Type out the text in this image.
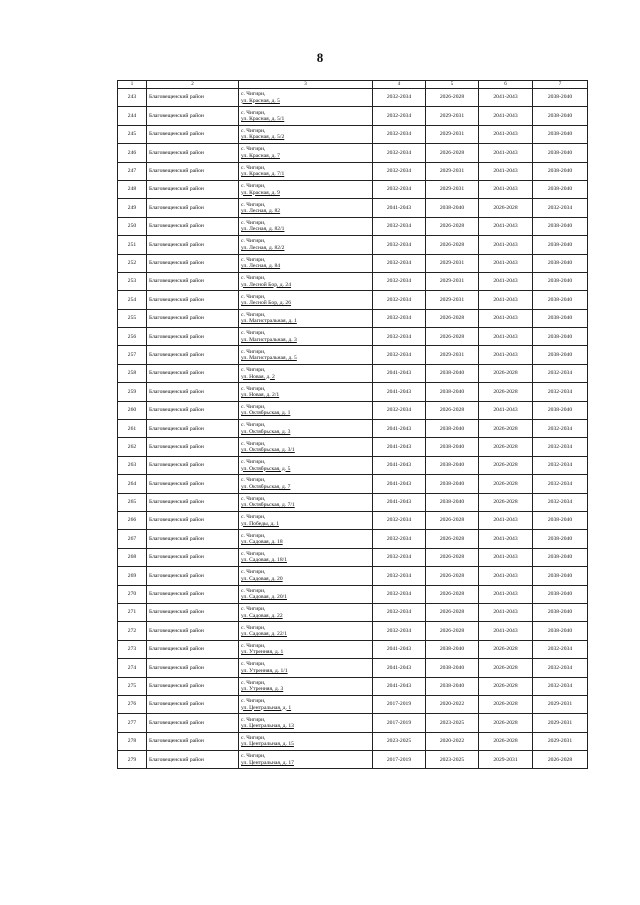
8
1	2	3	4	5	6	7
243	Благовещенский район	с. Чигири,
ул. Красная, д. 5	2032-2034	2026-2028	2041-2043	2038-2040
244	Благовещенский район	с. Чигири,
ул. Красная, д. 5/1	2032-2034	2029-2031	2041-2043	2038-2040
245	Благовещенский район	с. Чигири,
ул. Красная, д. 5/2	2032-2034	2029-2031	2041-2043	2038-2040
246	Благовещенский район	с. Чигири,
ул. Красная, д. 7	2032-2034	2026-2028	2041-2043	2038-2040
247	Благовещенский район	с. Чигири,
ул. Красная, д. 7/1	2032-2034	2029-2031	2041-2043	2038-2040
248	Благовещенский район	с. Чигири,
ул. Красная, д. 9	2032-2034	2029-2031	2041-2043	2038-2040
249	Благовещенский район	с. Чигири,
ул. Лесная, д. 82	2041-2043	2038-2040	2026-2028	2032-2034
250	Благовещенский район	с. Чигири,
ул. Лесная, д. 82/1	2032-2034	2026-2028	2041-2043	2038-2040
251	Благовещенский район	с. Чигири,
ул. Лесная, д. 82/2	2032-2034	2026-2028	2041-2043	2038-2040
252	Благовещенский район	с. Чигири,
ул. Лесная, д. 84	2032-2034	2029-2031	2041-2043	2038-2040
253	Благовещенский район	с. Чигири,
ул. Лесной Бор, д. 24	2032-2034	2029-2031	2041-2043	2038-2040
254	Благовещенский район	с. Чигири,
ул. Лесной Бор, д. 26	2032-2034	2029-2031	2041-2043	2038-2040
255	Благовещенский район	с. Чигири,
ул. Магистральная, д. 1	2032-2034	2026-2028	2041-2043	2038-2040
256	Благовещенский район	с. Чигири,
ул. Магистральная, д. 3	2032-2034	2026-2028	2041-2043	2038-2040
257	Благовещенский район	с. Чигири,
ул. Магистральная, д. 5	2032-2034	2029-2031	2041-2043	2038-2040
258	Благовещенский район	с. Чигири,
ул. Новая, д. 2	2041-2043	2038-2040	2026-2028	2032-2034
259	Благовещенский район	с. Чигири,
ул. Новая, д. 2/1	2041-2043	2038-2040	2026-2028	2032-2034
260	Благовещенский район	с. Чигири,
ул. Октябрьская, д. 1	2032-2034	2026-2028	2041-2043	2038-2040
261	Благовещенский район	с. Чигири,
ул. Октябрьская, д. 3	2041-2043	2038-2040	2026-2028	2032-2034
262	Благовещенский район	с. Чигири,
ул. Октябрьская, д. 3/1	2041-2043	2038-2040	2026-2028	2032-2034
263	Благовещенский район	с. Чигири,
ул. Октябрьская, д. 5	2041-2043	2038-2040	2026-2028	2032-2034
264	Благовещенский район	с. Чигири,
ул. Октябрьская, д. 7	2041-2043	2038-2040	2026-2028	2032-2034
265	Благовещенский район	с. Чигири,
ул. Октябрьская, д. 7/1	2041-2043	2038-2040	2026-2028	2032-2034
266	Благовещенский район	с. Чигири,
ул. Победы, д. 1	2032-2034	2026-2028	2041-2043	2038-2040
267	Благовещенский район	с. Чигири,
ул. Садовая, д. 18	2032-2034	2026-2028	2041-2043	2038-2040
268	Благовещенский район	с. Чигири,
ул. Садовая, д. 18/1	2032-2034	2026-2028	2041-2043	2038-2040
269	Благовещенский район	с. Чигири,
ул. Садовая, д. 20	2032-2034	2026-2028	2041-2043	2038-2040
270	Благовещенский район	с. Чигири,
ул. Садовая, д. 20/1	2032-2034	2026-2028	2041-2043	2038-2040
271	Благовещенский район	с. Чигири,
ул. Садовая, д. 22	2032-2034	2026-2028	2041-2043	2038-2040
272	Благовещенский район	с. Чигири,
ул. Садовая, д. 22/1	2032-2034	2026-2028	2041-2043	2038-2040
273	Благовещенский район	с. Чигири,
ул. Утренняя, д. 1	2041-2043	2038-2040	2026-2028	2032-2034
274	Благовещенский район	с. Чигири,
ул. Утренняя, д. 1/1	2041-2043	2038-2040	2026-2028	2032-2034
275	Благовещенский район	с. Чигири,
ул. Утренняя, д. 3	2041-2043	2038-2040	2026-2028	2032-2034
276	Благовещенский район	с. Чигири,
ул. Центральная, д. 1	2017-2019	2020-2022	2026-2028	2029-2031
277	Благовещенский район	с. Чигири,
ул. Центральная, д. 13	2017-2019	2023-2025	2026-2028	2029-2031
278	Благовещенский район	с. Чигири,
ул. Центральная, д. 15	2023-2025	2020-2022	2026-2028	2029-2031
279	Благовещенский район	с. Чигири,
ул. Центральная, д. 17	2017-2019	2023-2025	2029-2031	2026-2028
